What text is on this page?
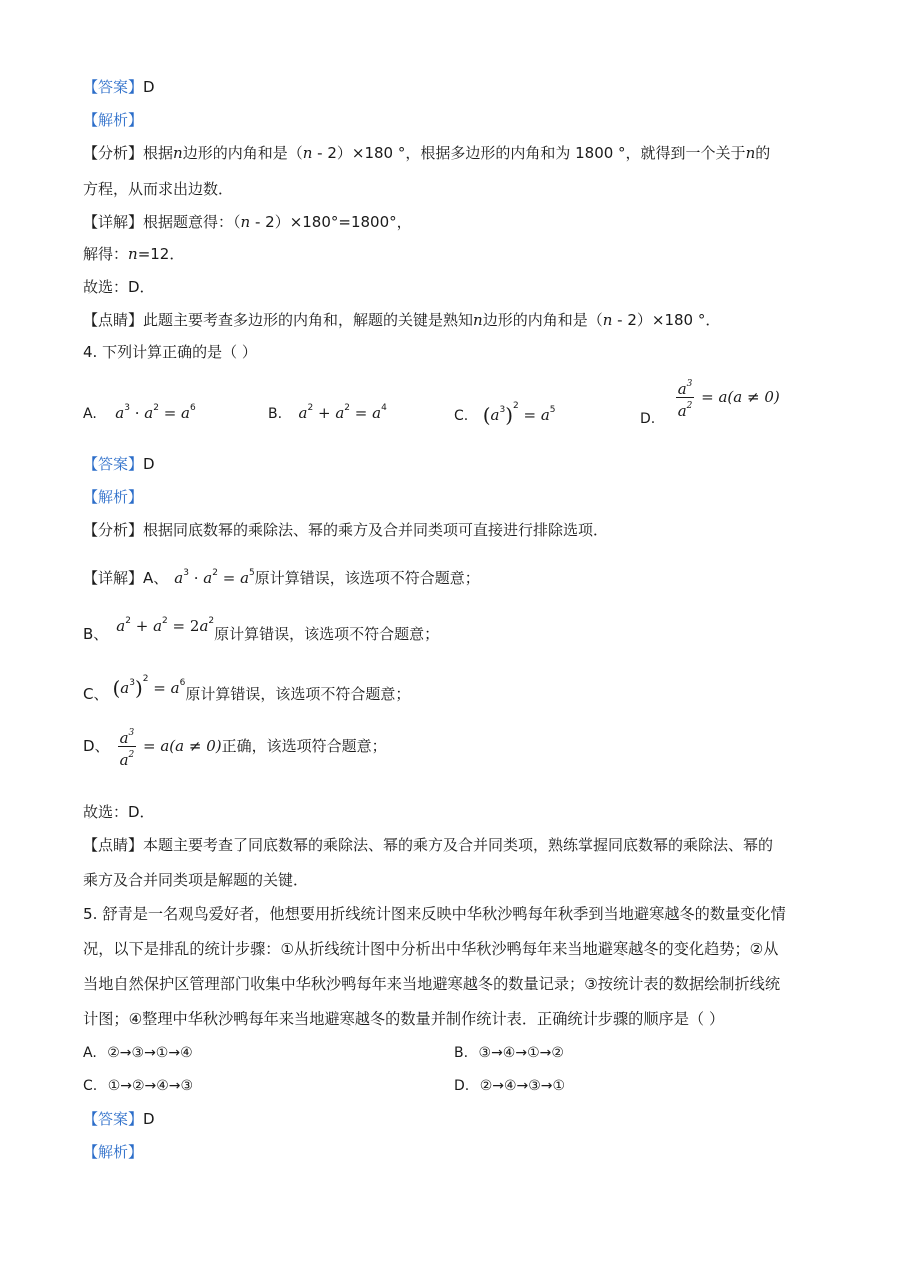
【答案】D
【解析】
【分析】根据n边形的内角和是（n - 2）×180 °，根据多边形的内角和为 1800 °，就得到一个关于n的
方程，从而求出边数．
【详解】根据题意得：（n - 2）×180°=1800°，
解得：n=12．
故选：D．
【点睛】此题主要考查多边形的内角和，解题的关键是熟知n边形的内角和是（n - 2）×180 °．
4. 下列计算正确的是（ ）
A. $a^3 \cdot a^2 = a^6$	B. $a^2 + a^2 = a^4$	C. $(a^3)^2 = a^5$
D. $\frac{a^3}{a^2} = a(a \ne 0)$
【答案】D
【解析】
【分析】根据同底数幂的乘除法、幂的乘方及合并同类项可直接进行排除选项．
【详解】A、 $a^3 \cdot a^2 = a^5$原计算错误，该选项不符合题意；
B、 $a^2 + a^2 = 2a^2$原计算错误，该选项不符合题意；
C、 $(a^3)^2 = a^6$原计算错误，该选项不符合题意；
D、 $\frac{a^3}{a^2} = a(a \ne 0)$正确，该选项符合题意；
故选：D．
【点睛】本题主要考查了同底数幂的乘除法、幂的乘方及合并同类项，熟练掌握同底数幂的乘除法、幂的
乘方及合并同类项是解题的关键．
5. 舒青是一名观鸟爱好者，他想要用折线统计图来反映中华秋沙鸭每年秋季到当地避寒越冬的数量变化情
况，以下是排乱的统计步骤：①从折线统计图中分析出中华秋沙鸭每年来当地避寒越冬的变化趋势；②从
当地自然保护区管理部门收集中华秋沙鸭每年来当地避寒越冬的数量记录；③按统计表的数据绘制折线统
计图；④整理中华秋沙鸭每年来当地避寒越冬的数量并制作统计表．正确统计步骤的顺序是（ ）
A. ②→③→①→④	B. ③→④→①→②
C. ①→②→④→③	D. ②→④→③→①
【答案】D
【解析】
